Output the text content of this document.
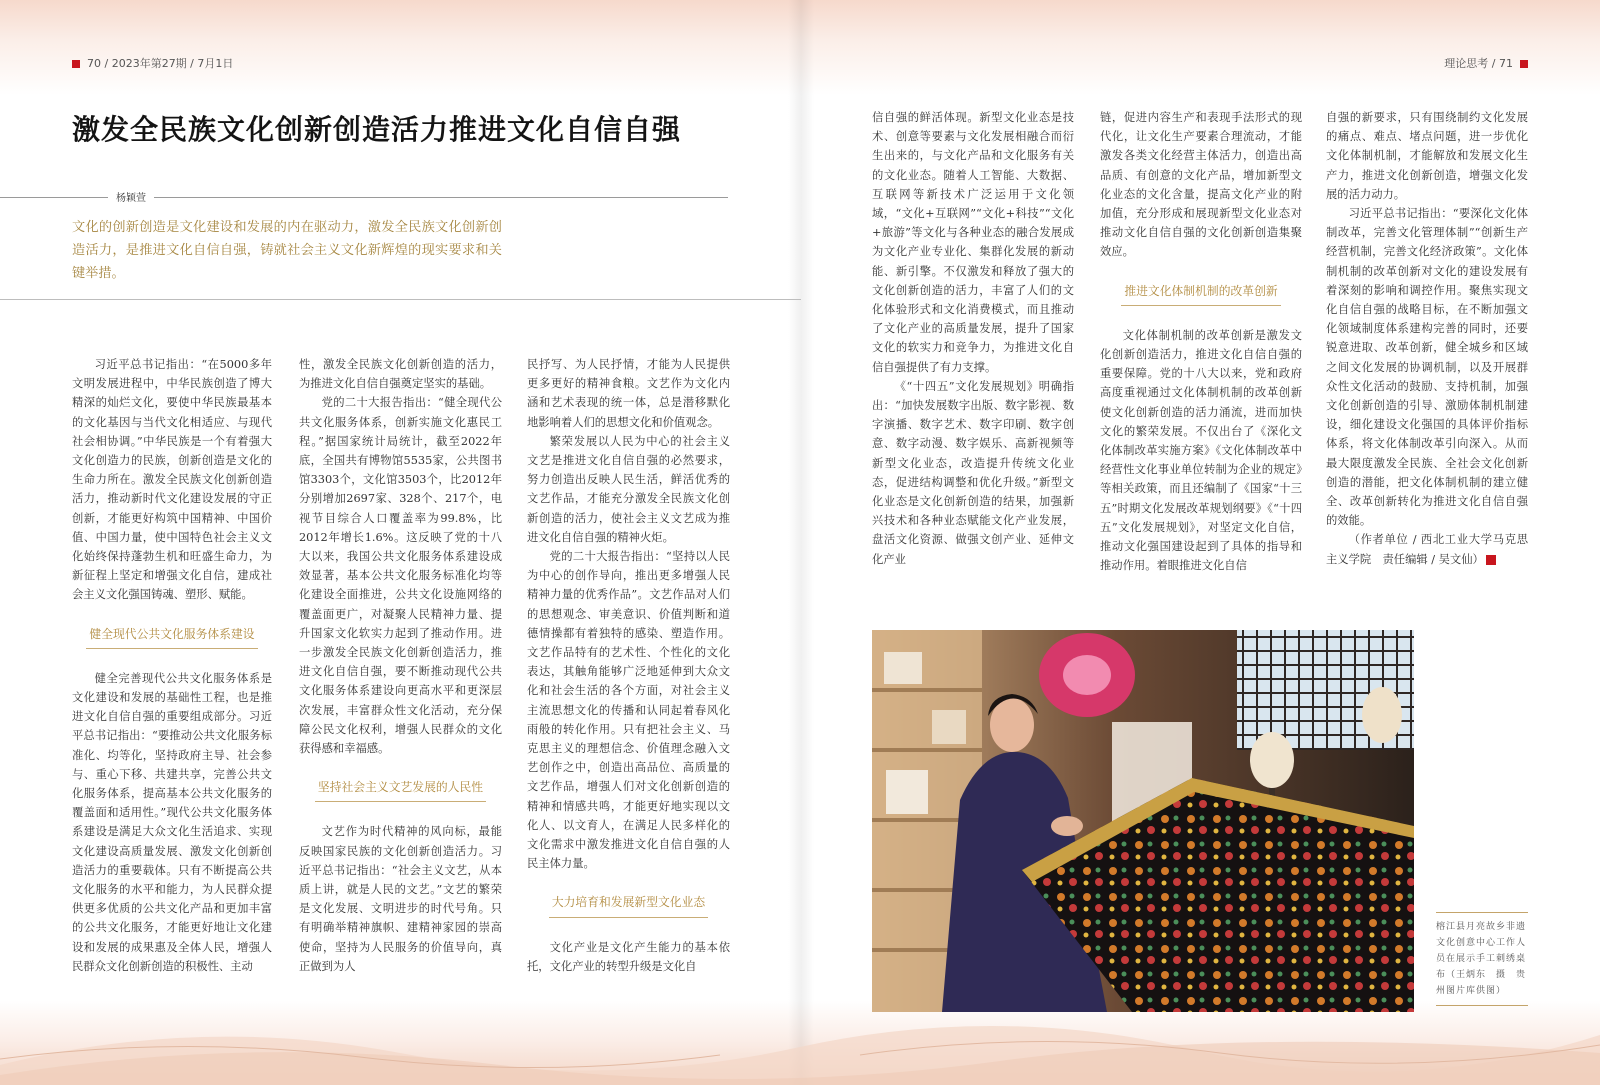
70 / 2023年第27期 / 7月1日	理论思考 / 71
激发全民族文化创新创造活力推进文化自信自强
杨颖萱
文化的创新创造是文化建设和发展的内在驱动力，激发全民族文化创新创造活力，是推进文化自信自强，铸就社会主义文化新辉煌的现实要求和关键举措。

习近平总书记指出：“在5000多年文明发展进程中，中华民族创造了博大精深的灿烂文化，要使中华民族最基本的文化基因与当代文化相适应、与现代社会相协调。”中华民族是一个有着强大文化创造力的民族，创新创造是文化的生命力所在。激发全民族文化创新创造活力，推动新时代文化建设发展的守正创新，才能更好构筑中国精神、中国价值、中国力量，使中国特色社会主义文化始终保持蓬勃生机和旺盛生命力，为新征程上坚定和增强文化自信，建成社会主义文化强国铸魂、塑形、赋能。

健全现代公共文化服务体系建设

健全完善现代公共文化服务体系是文化建设和发展的基础性工程，也是推进文化自信自强的重要组成部分。习近平总书记指出：“要推动公共文化服务标准化、均等化，坚持政府主导、社会参与、重心下移、共建共享，完善公共文化服务体系，提高基本公共文化服务的覆盖面和适用性。”现代公共文化服务体系建设是满足大众文化生活追求、实现文化建设高质量发展、激发文化创新创造活力的重要载体。只有不断提高公共文化服务的水平和能力，为人民群众提供更多优质的公共文化产品和更加丰富的公共文化服务，才能更好地让文化建设和发展的成果惠及全体人民，增强人民群众文化创新创造的积极性、主动

性，激发全民族文化创新创造的活力，为推进文化自信自强奠定坚实的基础。

党的二十大报告指出：“健全现代公共文化服务体系，创新实施文化惠民工程。”据国家统计局统计，截至2022年底，全国共有博物馆5535家，公共图书馆3303个，文化馆3503个，比2012年分别增加2697家、328个、217个，电视节目综合人口覆盖率为99.8%，比2012年增长1.6%。这反映了党的十八大以来，我国公共文化服务体系建设成效显著，基本公共文化服务标准化均等化建设全面推进，公共文化设施网络的覆盖面更广，对凝聚人民精神力量、提升国家文化软实力起到了推动作用。进一步激发全民族文化创新创造活力，推进文化自信自强，要不断推动现代公共文化服务体系建设向更高水平和更深层次发展，丰富群众性文化活动，充分保障公民文化权利，增强人民群众的文化获得感和幸福感。

坚持社会主义文艺发展的人民性

文艺作为时代精神的风向标，最能反映国家民族的文化创新创造活力。习近平总书记指出：“社会主义文艺，从本质上讲，就是人民的文艺。”文艺的繁荣是文化发展、文明进步的时代号角。只有明确举精神旗帜、建精神家园的崇高使命，坚持为人民服务的价值导向，真正做到为人

民抒写、为人民抒情，才能为人民提供更多更好的精神食粮。文艺作为文化内涵和艺术表现的统一体，总是潜移默化地影响着人们的思想文化和价值观念。

繁荣发展以人民为中心的社会主义文艺是推进文化自信自强的必然要求，努力创造出反映人民生活，鲜活优秀的文艺作品，才能充分激发全民族文化创新创造的活力，使社会主义文艺成为推进文化自信自强的精神火炬。

党的二十大报告指出：“坚持以人民为中心的创作导向，推出更多增强人民精神力量的优秀作品”。文艺作品对人们的思想观念、审美意识、价值判断和道德情操都有着独特的感染、塑造作用。文艺作品特有的艺术性、个性化的文化表达，其触角能够广泛地延伸到大众文化和社会生活的各个方面，对社会主义主流思想文化的传播和认同起着春风化雨般的转化作用。只有把社会主义、马克思主义的理想信念、价值理念融入文艺创作之中，创造出高品位、高质量的文艺作品，增强人们对文化创新创造的精神和情感共鸣，才能更好地实现以文化人、以文育人，在满足人民多样化的文化需求中激发推进文化自信自强的人民主体力量。

大力培育和发展新型文化业态

文化产业是文化产生能力的基本依托，文化产业的转型升级是文化自

信自强的鲜活体现。新型文化业态是技术、创意等要素与文化发展相融合而衍生出来的，与文化产品和文化服务有关的文化业态。随着人工智能、大数据、互联网等新技术广泛运用于文化领域，“文化+互联网”“文化+科技”“文化+旅游”等文化与各种业态的融合发展成为文化产业专业化、集群化发展的新动能、新引擎。不仅激发和释放了强大的文化创新创造的活力，丰富了人们的文化体验形式和文化消费模式，而且推动了文化产业的高质量发展，提升了国家文化的软实力和竞争力，为推进文化自信自强提供了有力支撑。

《“十四五”文化发展规划》明确指出：“加快发展数字出版、数字影视、数字演播、数字艺术、数字印刷、数字创意、数字动漫、数字娱乐、高新视频等新型文化业态，改造提升传统文化业态，促进结构调整和优化升级。”新型文化业态是文化创新创造的结果，加强新兴技术和各种业态赋能文化产业发展，盘活文化资源、做强文创产业、延伸文化产业

链，促进内容生产和表现手法形式的现代化，让文化生产要素合理流动，才能激发各类文化经营主体活力，创造出高品质、有创意的文化产品，增加新型文化业态的文化含量，提高文化产业的附加值，充分形成和展现新型文化业态对推动文化自信自强的文化创新创造集聚效应。

推进文化体制机制的改革创新

文化体制机制的改革创新是激发文化创新创造活力，推进文化自信自强的重要保障。党的十八大以来，党和政府高度重视通过文化体制机制的改革创新使文化创新创造的活力涌流，进而加快文化的繁荣发展。不仅出台了《深化文化体制改革实施方案》《文化体制改革中经营性文化事业单位转制为企业的规定》等相关政策，而且还编制了《国家“十三五”时期文化发展改革规划纲要》《“十四五”文化发展规划》，对坚定文化自信，推动文化强国建设起到了具体的指导和推动作用。着眼推进文化自信

自强的新要求，只有围绕制约文化发展的痛点、难点、堵点问题，进一步优化文化体制机制，才能解放和发展文化生产力，推进文化创新创造，增强文化发展的活力动力。

习近平总书记指出：“要深化文化体制改革，完善文化管理体制”“创新生产经营机制，完善文化经济政策”。文化体制机制的改革创新对文化的建设发展有着深刻的影响和调控作用。聚焦实现文化自信自强的战略目标，在不断加强文化领域制度体系建构完善的同时，还要锐意进取、改革创新，健全城乡和区域之间文化发展的协调机制，以及开展群众性文化活动的鼓励、支持机制，加强文化创新创造的引导、激励体制机制建设，细化建设文化强国的具体评价指标体系，将文化体制改革引向深入。从而最大限度激发全民族、全社会文化创新创造的潜能，把文化体制机制的建立健全、改革创新转化为推进文化自信自强的效能。

（作者单位 / 西北工业大学马克思主义学院　责任编辑 / 吴文仙）	D

榕江县月亮故乡非遗文化创意中心工作人员在展示手工刺绣桌布（王炳东　摄　贵州图片库供图）
